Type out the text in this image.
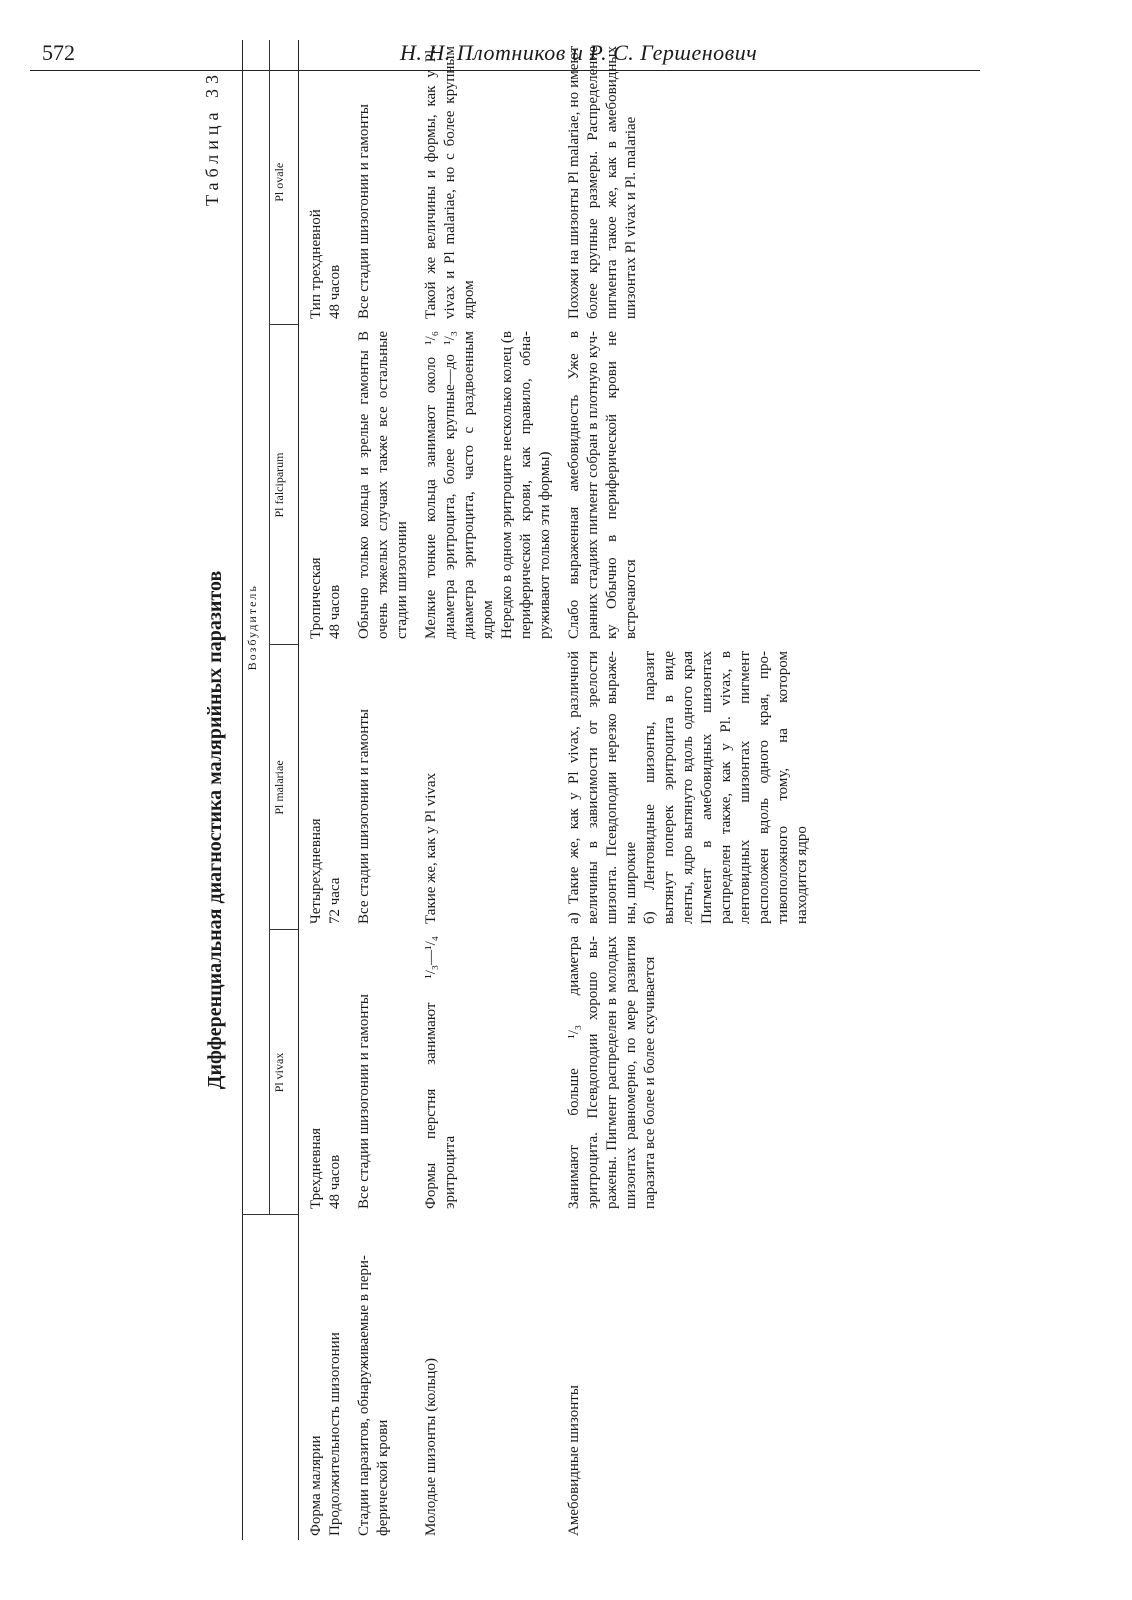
572	Н. Н. Плотников и Р. С. Гершенович
Дифференциальная диагностика малярийных паразитов
Таблица 33
	Возбудитель			
	Pl vivax	Pl malariae	Pl falciparum	Pl ovale

Форма малярии Продолжительность шизогонии	Трехдневная 48 часов	Четырехдневная 72 часа	Тропическая 48 часов	Тип трехдневной 48 часов

Стадии паразитов, обнаруживаемые в периферической крови	Все стадии шизогонии и гамонты	Все стадии шизогонии и гамонты	Обычно только кольца и зрелые гамонты В очень тяжелых случаях также все остальные стадии шизогонии	Все стадии шизогонии и гамонты

Молодые шизонты (кольцо)	Формы перстня занимают ¹/₃—¹/₄ эритроцита	Такие же, как у Pl vivax	Мелкие тонкие кольца занимают около ¹/₆ диаметра эритроцита, более крупные—до ¹/₃ диаметра эритроцита, часто с раздвоенным ядром Нередко в одном эритроците несколько колец (в периферической крови, как правило, обнаруживают только эти формы)	Такой же величины и формы, как у Pl. vivax и Pl malariae, но с более крупным ядром

Амебовидные шизонты	Занимают больше ¹/₃ диаметра эритроцита. Псевдоподии хорошо выражены. Пигмент распределен в молодых шизонтах равномерно, по мере развития паразита все более и более скучивается	а) Такие же, как у Pl vivax, различной величины в зависимости от зрелости шизонта. Псевдоподии нерезко выражены, широкие б) Лентовидные шизонты, паразит вытянут поперек эритроцита в виде ленты, ядро вытянуто вдоль одного края Пигмент в амебовидных шизонтах распределен также, как у Pl. vivax, в лентовидных шизонтах пигмент расположен вдоль одного края, противоположного тому, на котором находится ядро	Слабо выраженная амебовидность Уже в ранних стадиях пигмент собран в плотную кучку Обычно в периферической крови не встречаются	Похожи на шизонты Pl malariae, но имеют более крупные размеры. Распределение пигмента такое же, как в амебовидных шизонтах Pl vivax и Pl. malariae
